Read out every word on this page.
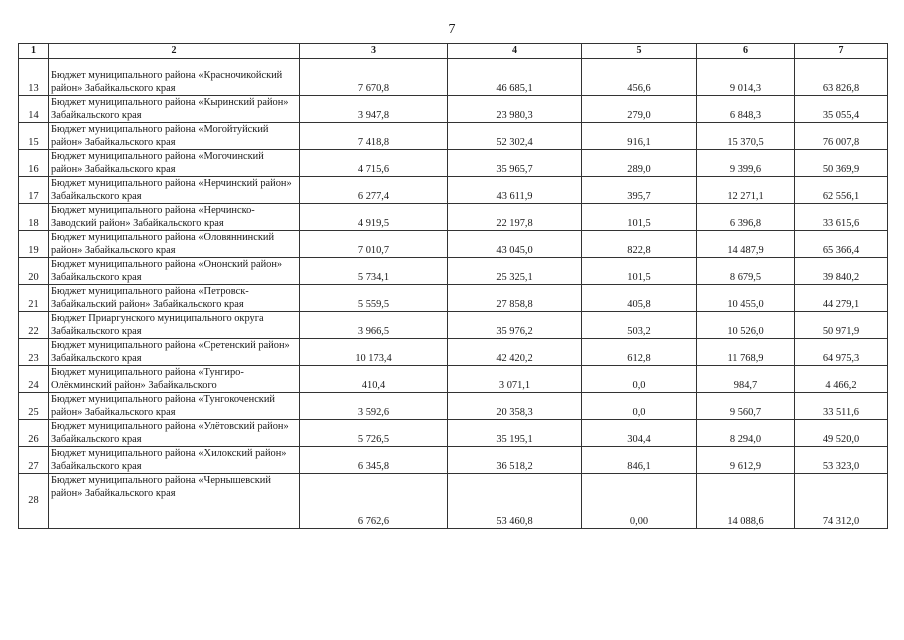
7
1	2	3	4	5	6	7
13	Бюджет муниципального района «Красночикойский район» Забайкальского края	7 670,8	46 685,1	456,6	9 014,3	63 826,8
14	Бюджет муниципального района «Кыринский район» Забайкальского края	3 947,8	23 980,3	279,0	6 848,3	35 055,4
15	Бюджет муниципального района «Могойтуйский район» Забайкальского края	7 418,8	52 302,4	916,1	15 370,5	76 007,8
16	Бюджет муниципального района «Могочинский район» Забайкальского края	4 715,6	35 965,7	289,0	9 399,6	50 369,9
17	Бюджет муниципального района «Нерчинский район» Забайкальского края	6 277,4	43 611,9	395,7	12 271,1	62 556,1
18	Бюджет муниципального района «Нерчинско-Заводский район» Забайкальского края	4 919,5	22 197,8	101,5	6 396,8	33 615,6
19	Бюджет муниципального района «Оловяннинский район» Забайкальского края	7 010,7	43 045,0	822,8	14 487,9	65 366,4
20	Бюджет муниципального района «Ононский район» Забайкальского края	5 734,1	25 325,1	101,5	8 679,5	39 840,2
21	Бюджет муниципального района «Петровск-Забайкальский район» Забайкальского края	5 559,5	27 858,8	405,8	10 455,0	44 279,1
22	Бюджет Приаргунского муниципального округа Забайкальского края	3 966,5	35 976,2	503,2	10 526,0	50 971,9
23	Бюджет муниципального района «Сретенский район» Забайкальского края	10 173,4	42 420,2	612,8	11 768,9	64 975,3
24	Бюджет муниципального района «Тунгиро-Олёкминский район» Забайкальского	410,4	3 071,1	0,0	984,7	4 466,2
25	Бюджет муниципального района «Тунгокоченский район» Забайкальского края	3 592,6	20 358,3	0,0	9 560,7	33 511,6
26	Бюджет муниципального района «Улётовский район» Забайкальского края	5 726,5	35 195,1	304,4	8 294,0	49 520,0
27	Бюджет муниципального района «Хилокский район» Забайкальского края	6 345,8	36 518,2	846,1	9 612,9	53 323,0
28	Бюджет муниципального района «Чернышевский район» Забайкальского края	6 762,6	53 460,8	0,00	14 088,6	74 312,0
